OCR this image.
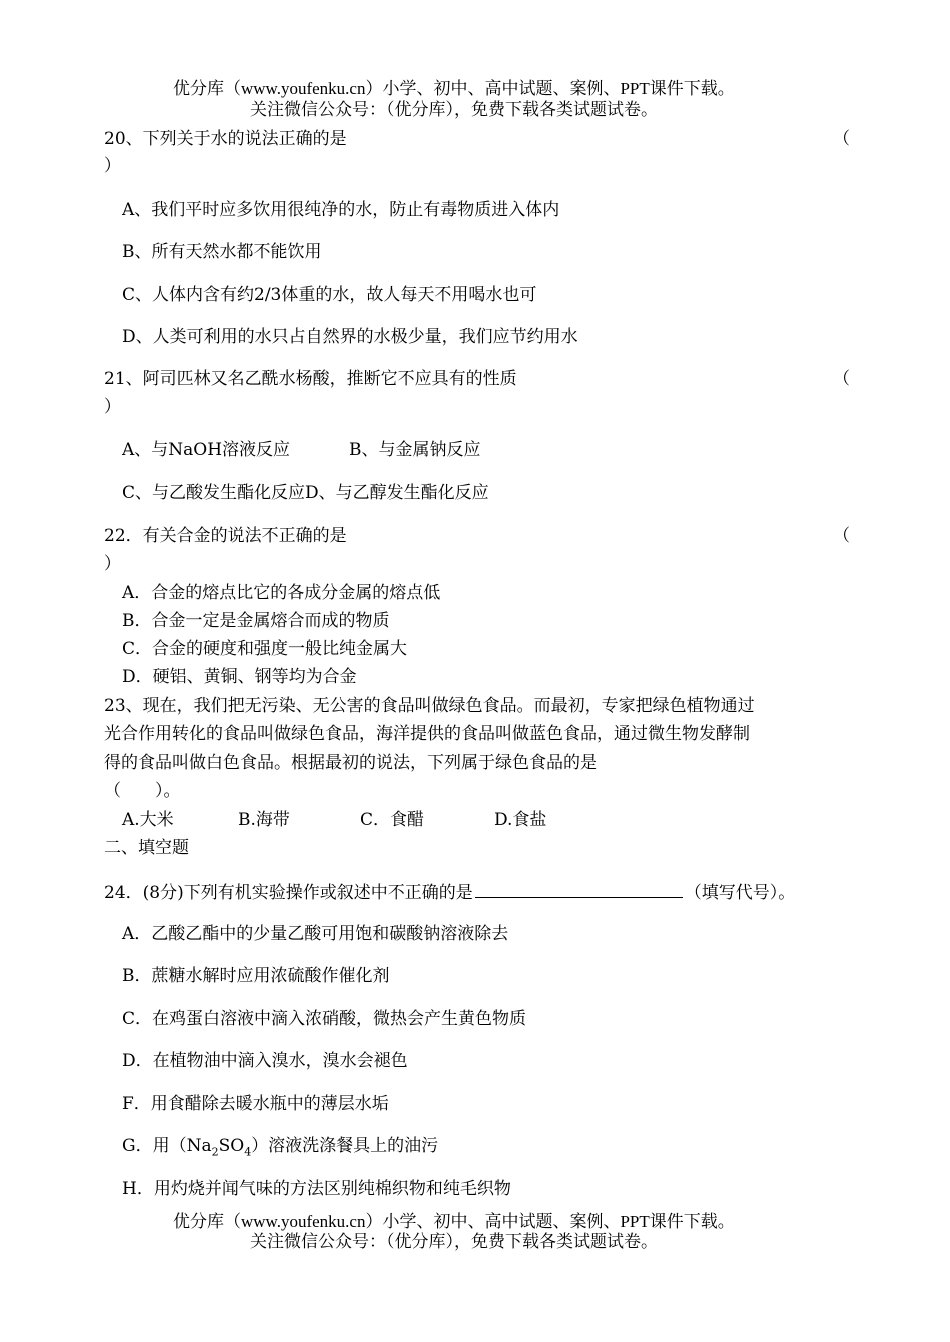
优分库（www.youfenku.cn）小学、初中、高中试题、案例、PPT课件下载。
关注微信公众号：（优分库），免费下载各类试题试卷。
20、下列关于水的说法正确的是	（
）
A、我们平时应多饮用很纯净的水，防止有毒物质进入体内
B、所有天然水都不能饮用
C、人体内含有约2/3体重的水，故人每天不用喝水也可
D、人类可利用的水只占自然界的水极少量，我们应节约用水
21、阿司匹林又名乙酰水杨酸，推断它不应具有的性质	（
）
A、与NaOH溶液反应	B、与金属钠反应
C、与乙酸发生酯化反应D、与乙醇发生酯化反应
22．有关合金的说法不正确的是	（
）
A．合金的熔点比它的各成分金属的熔点低
B．合金一定是金属熔合而成的物质
C．合金的硬度和强度一般比纯金属大
D．硬铝、黄铜、钢等均为合金
23、现在，我们把无污染、无公害的食品叫做绿色食品。而最初，专家把绿色植物通过
光合作用转化的食品叫做绿色食品，海洋提供的食品叫做蓝色食品，通过微生物发酵制
得的食品叫做白色食品。根据最初的说法，下列属于绿色食品的是
（　　）。
A.大米	B.海带	C．食醋	D.食盐
二、填空题
24．(8分)下列有机实验操作或叙述中不正确的是	（填写代号）。
A．乙酸乙酯中的少量乙酸可用饱和碳酸钠溶液除去
B．蔗糖水解时应用浓硫酸作催化剂
C．在鸡蛋白溶液中滴入浓硝酸，微热会产生黄色物质
D．在植物油中滴入溴水，溴水会褪色
F．用食醋除去暖水瓶中的薄层水垢
G．用$(Na_2SO_4)$溶液洗涤餐具上的油污
H．用灼烧并闻气味的方法区别纯棉织物和纯毛织物
优分库（www.youfenku.cn）小学、初中、高中试题、案例、PPT课件下载。
关注微信公众号：（优分库），免费下载各类试题试卷。
